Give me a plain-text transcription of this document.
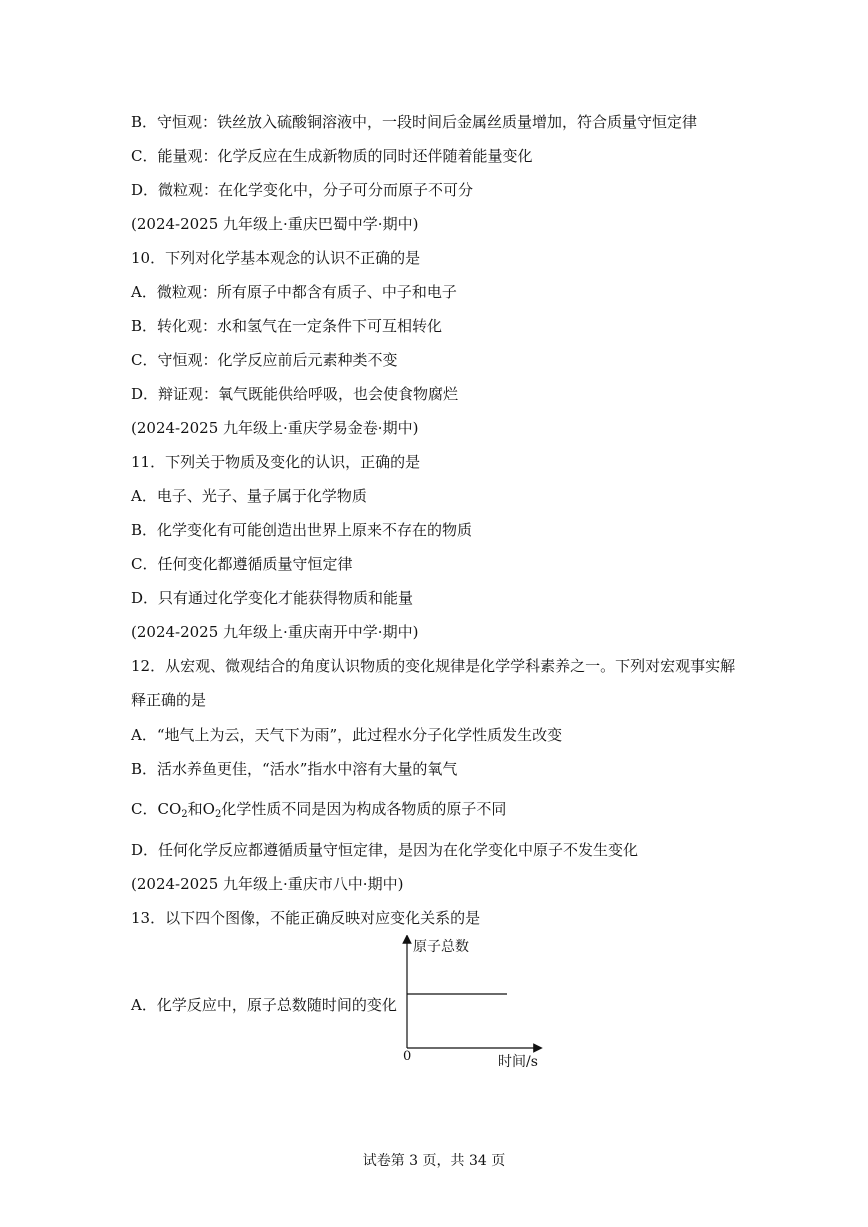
B．守恒观：铁丝放入硫酸铜溶液中，一段时间后金属丝质量增加，符合质量守恒定律
C．能量观：化学反应在生成新物质的同时还伴随着能量变化
D．微粒观：在化学变化中，分子可分而原子不可分
(2024-2025 九年级上·重庆巴蜀中学·期中)
10．下列对化学基本观念的认识不正确的是
A．微粒观：所有原子中都含有质子、中子和电子
B．转化观：水和氢气在一定条件下可互相转化
C．守恒观：化学反应前后元素种类不变
D．辩证观：氧气既能供给呼吸，也会使食物腐烂
(2024-2025 九年级上·重庆学易金卷·期中)
11．下列关于物质及变化的认识，正确的是
A．电子、光子、量子属于化学物质
B．化学变化有可能创造出世界上原来不存在的物质
C．任何变化都遵循质量守恒定律
D．只有通过化学变化才能获得物质和能量
(2024-2025 九年级上·重庆南开中学·期中)
12．从宏观、微观结合的角度认识物质的变化规律是化学学科素养之一。下列对宏观事实解
释正确的是
A．“地气上为云，天气下为雨”，此过程水分子化学性质发生改变
B．活水养鱼更佳，“活水”指水中溶有大量的氧气
C．$CO_2$和$O_2$化学性质不同是因为构成各物质的原子不同
D．任何化学反应都遵循质量守恒定律，是因为在化学变化中原子不发生变化
(2024-2025 九年级上·重庆市八中·期中)
13．以下四个图像，不能正确反映对应变化关系的是
A．化学反应中，原子总数随时间的变化
原子总数
0	时间/s
试卷第 3 页，共 34 页
